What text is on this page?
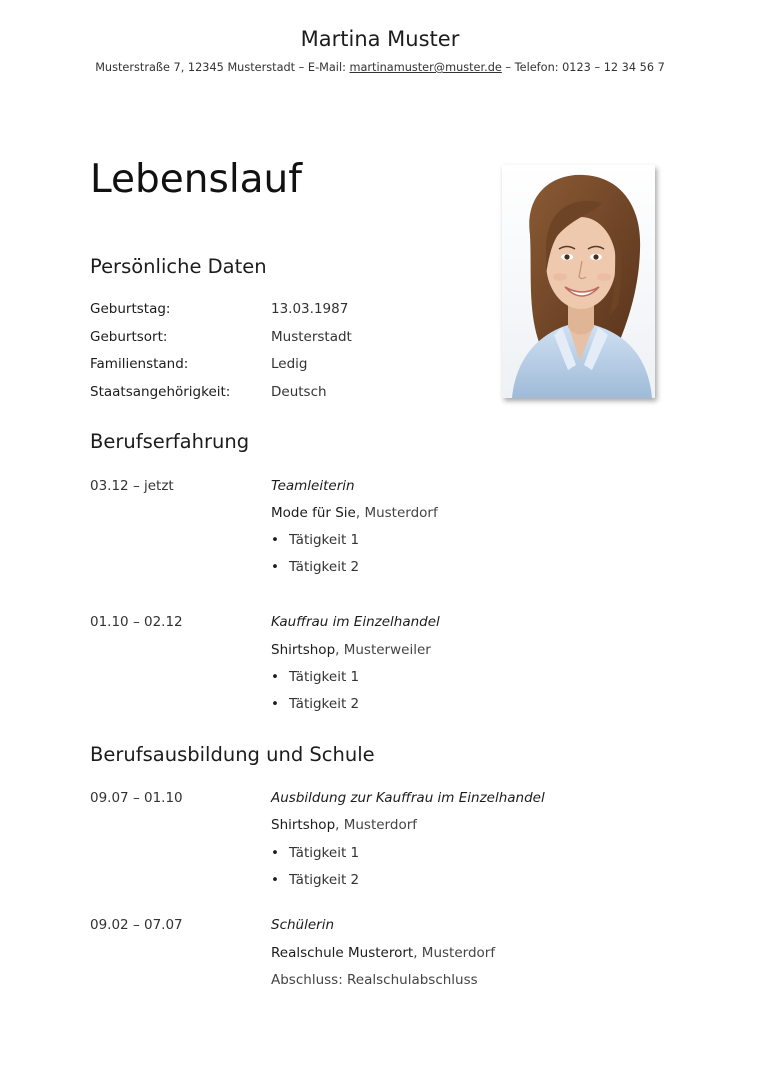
Martina Muster
Musterstraße 7, 12345 Musterstadt – E-Mail: martinamuster@muster.de – Telefon: 0123 – 12 34 56 7
Lebenslauf
Persönliche Daten
Geburtstag:	13.03.1987
Geburtsort:	Musterstadt
Familienstand:	Ledig
Staatsangehörigkeit:	Deutsch
Berufserfahrung
03.12 – jetzt	Teamleiterin
Mode für Sie, Musterdorf
• Tätigkeit 1
• Tätigkeit 2
01.10 – 02.12	Kauffrau im Einzelhandel
Shirtshop, Musterweiler
• Tätigkeit 1
• Tätigkeit 2
Berufsausbildung und Schule
09.07 – 01.10	Ausbildung zur Kauffrau im Einzelhandel
Shirtshop, Musterdorf
• Tätigkeit 1
• Tätigkeit 2
09.02 – 07.07	Schülerin
Realschule Musterort, Musterdorf
Abschluss: Realschulabschluss
